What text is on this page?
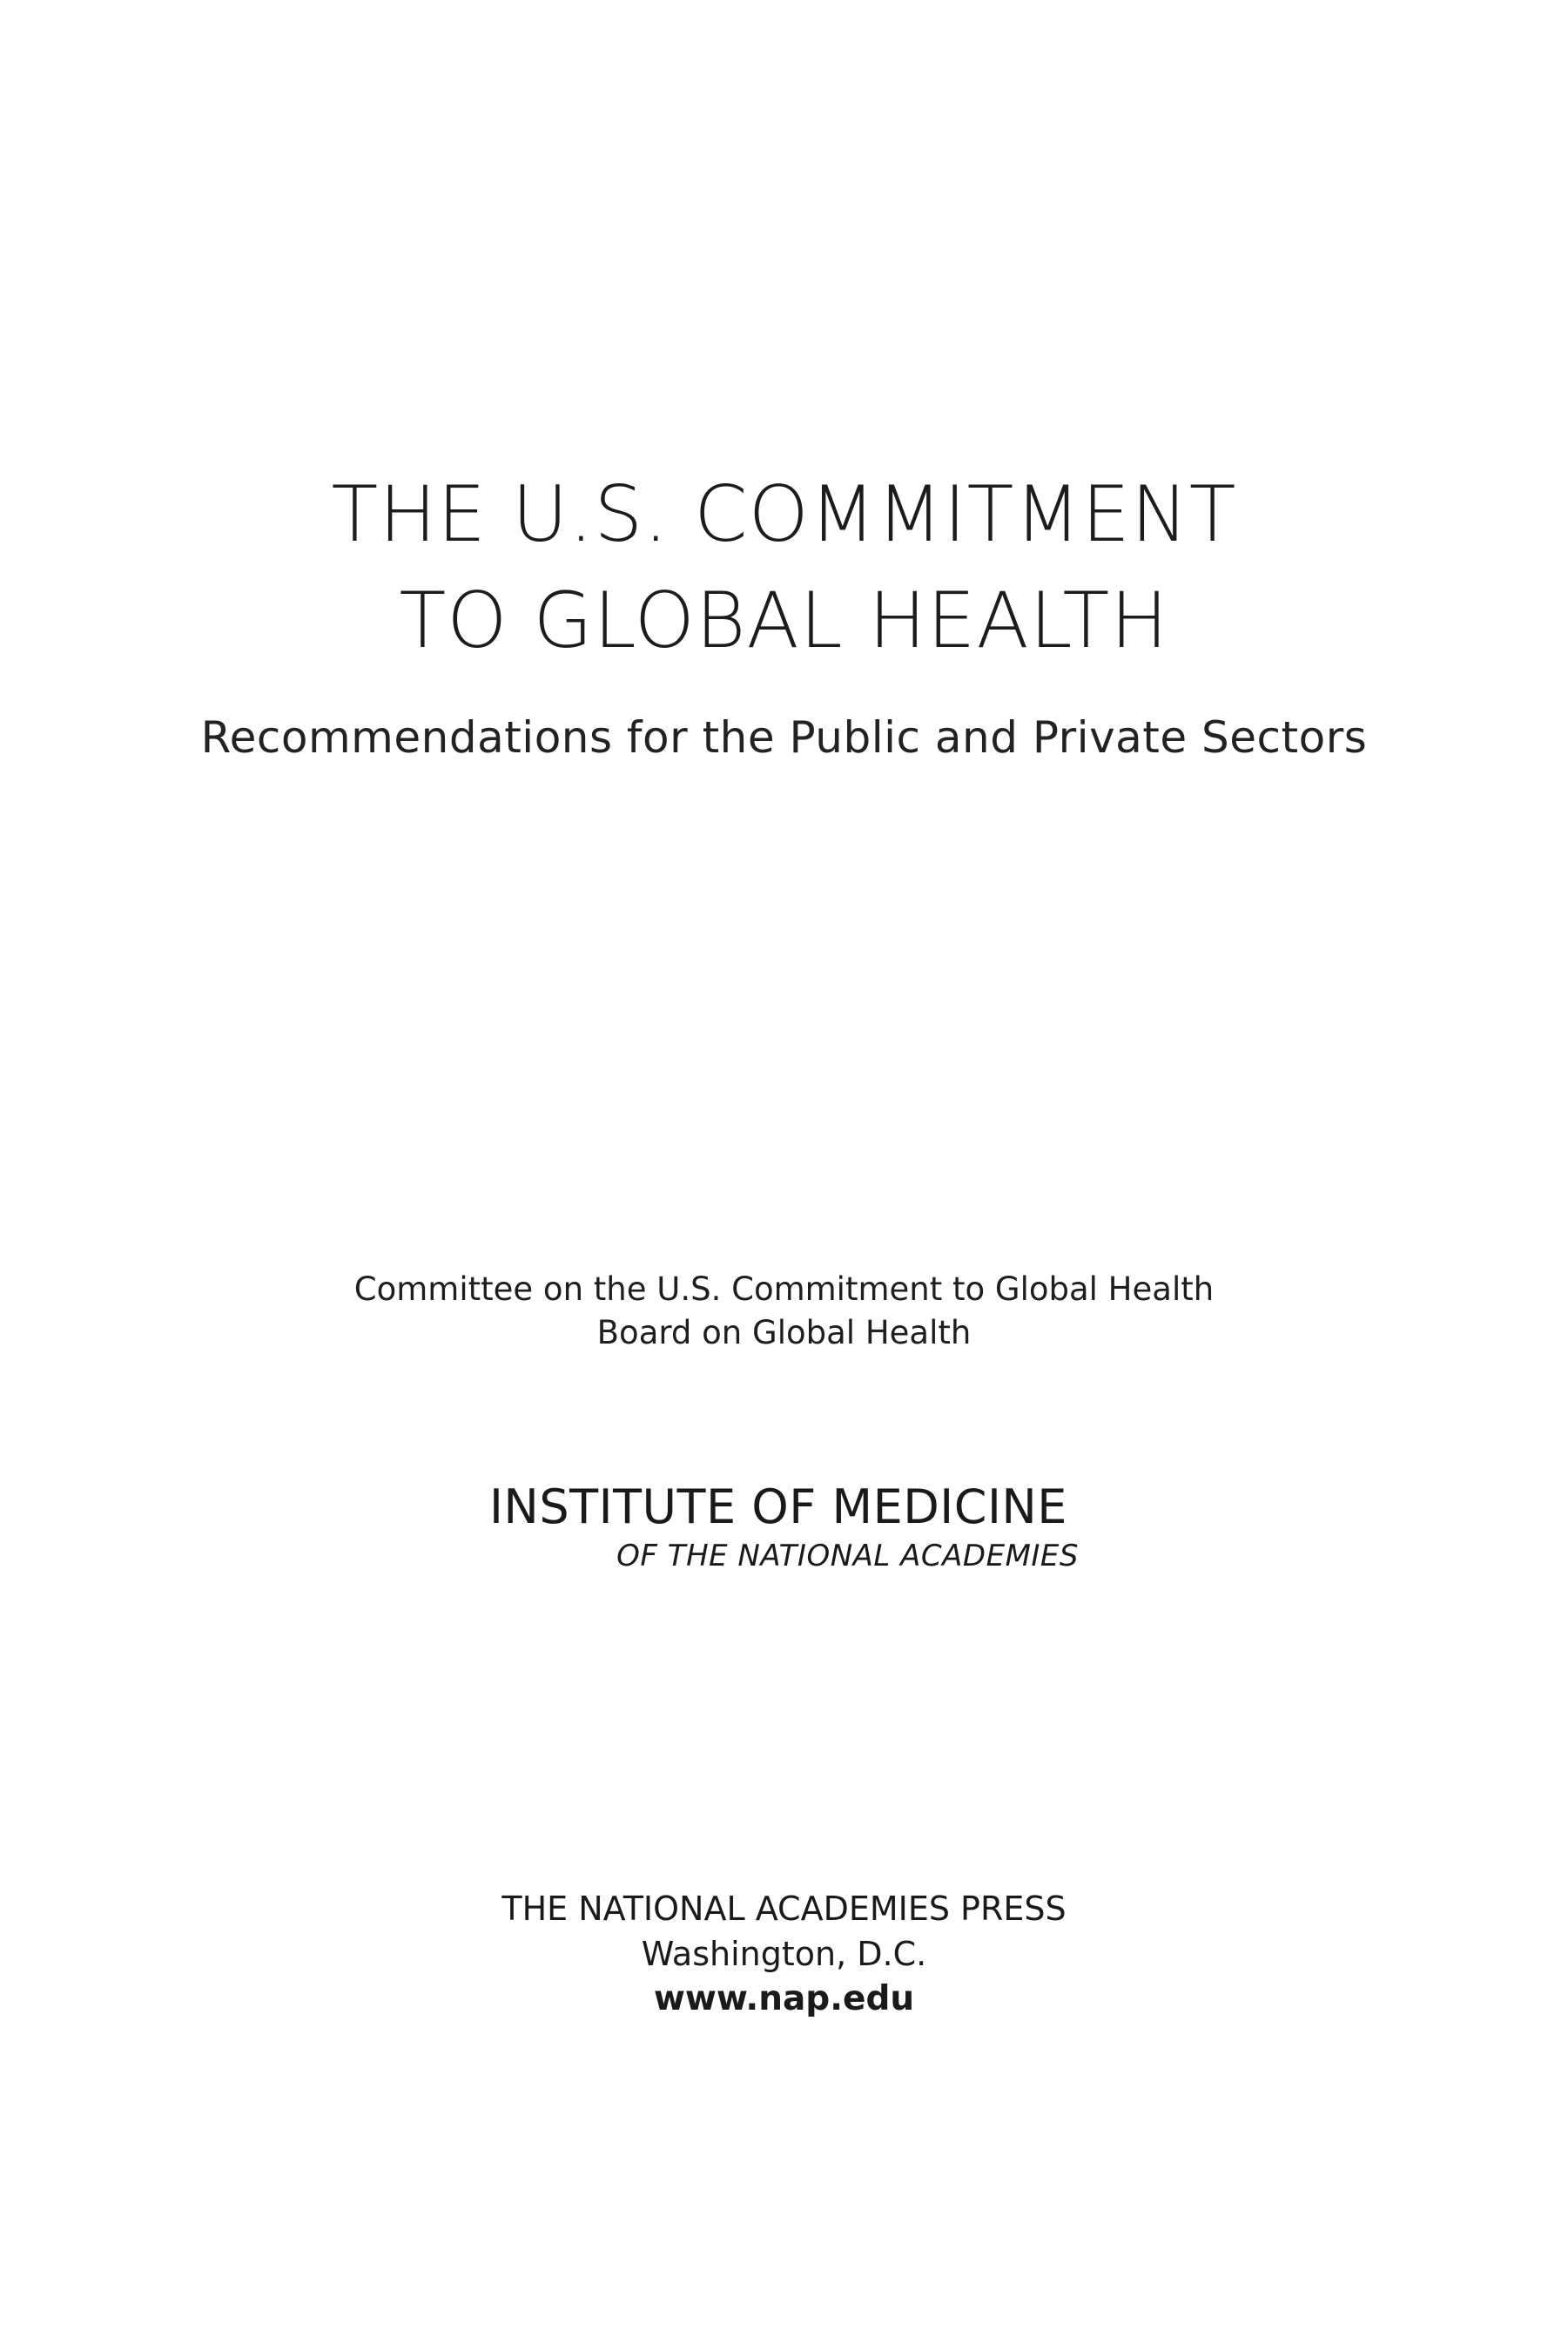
THE U.S. COMMITMENT
TO GLOBAL HEALTH
Recommendations for the Public and Private Sectors
Committee on the U.S. Commitment to Global Health
Board on Global Health
INSTITUTE OF MEDICINE
OF THE NATIONAL ACADEMIES
THE NATIONAL ACADEMIES PRESS
Washington, D.C.
www.nap.edu
